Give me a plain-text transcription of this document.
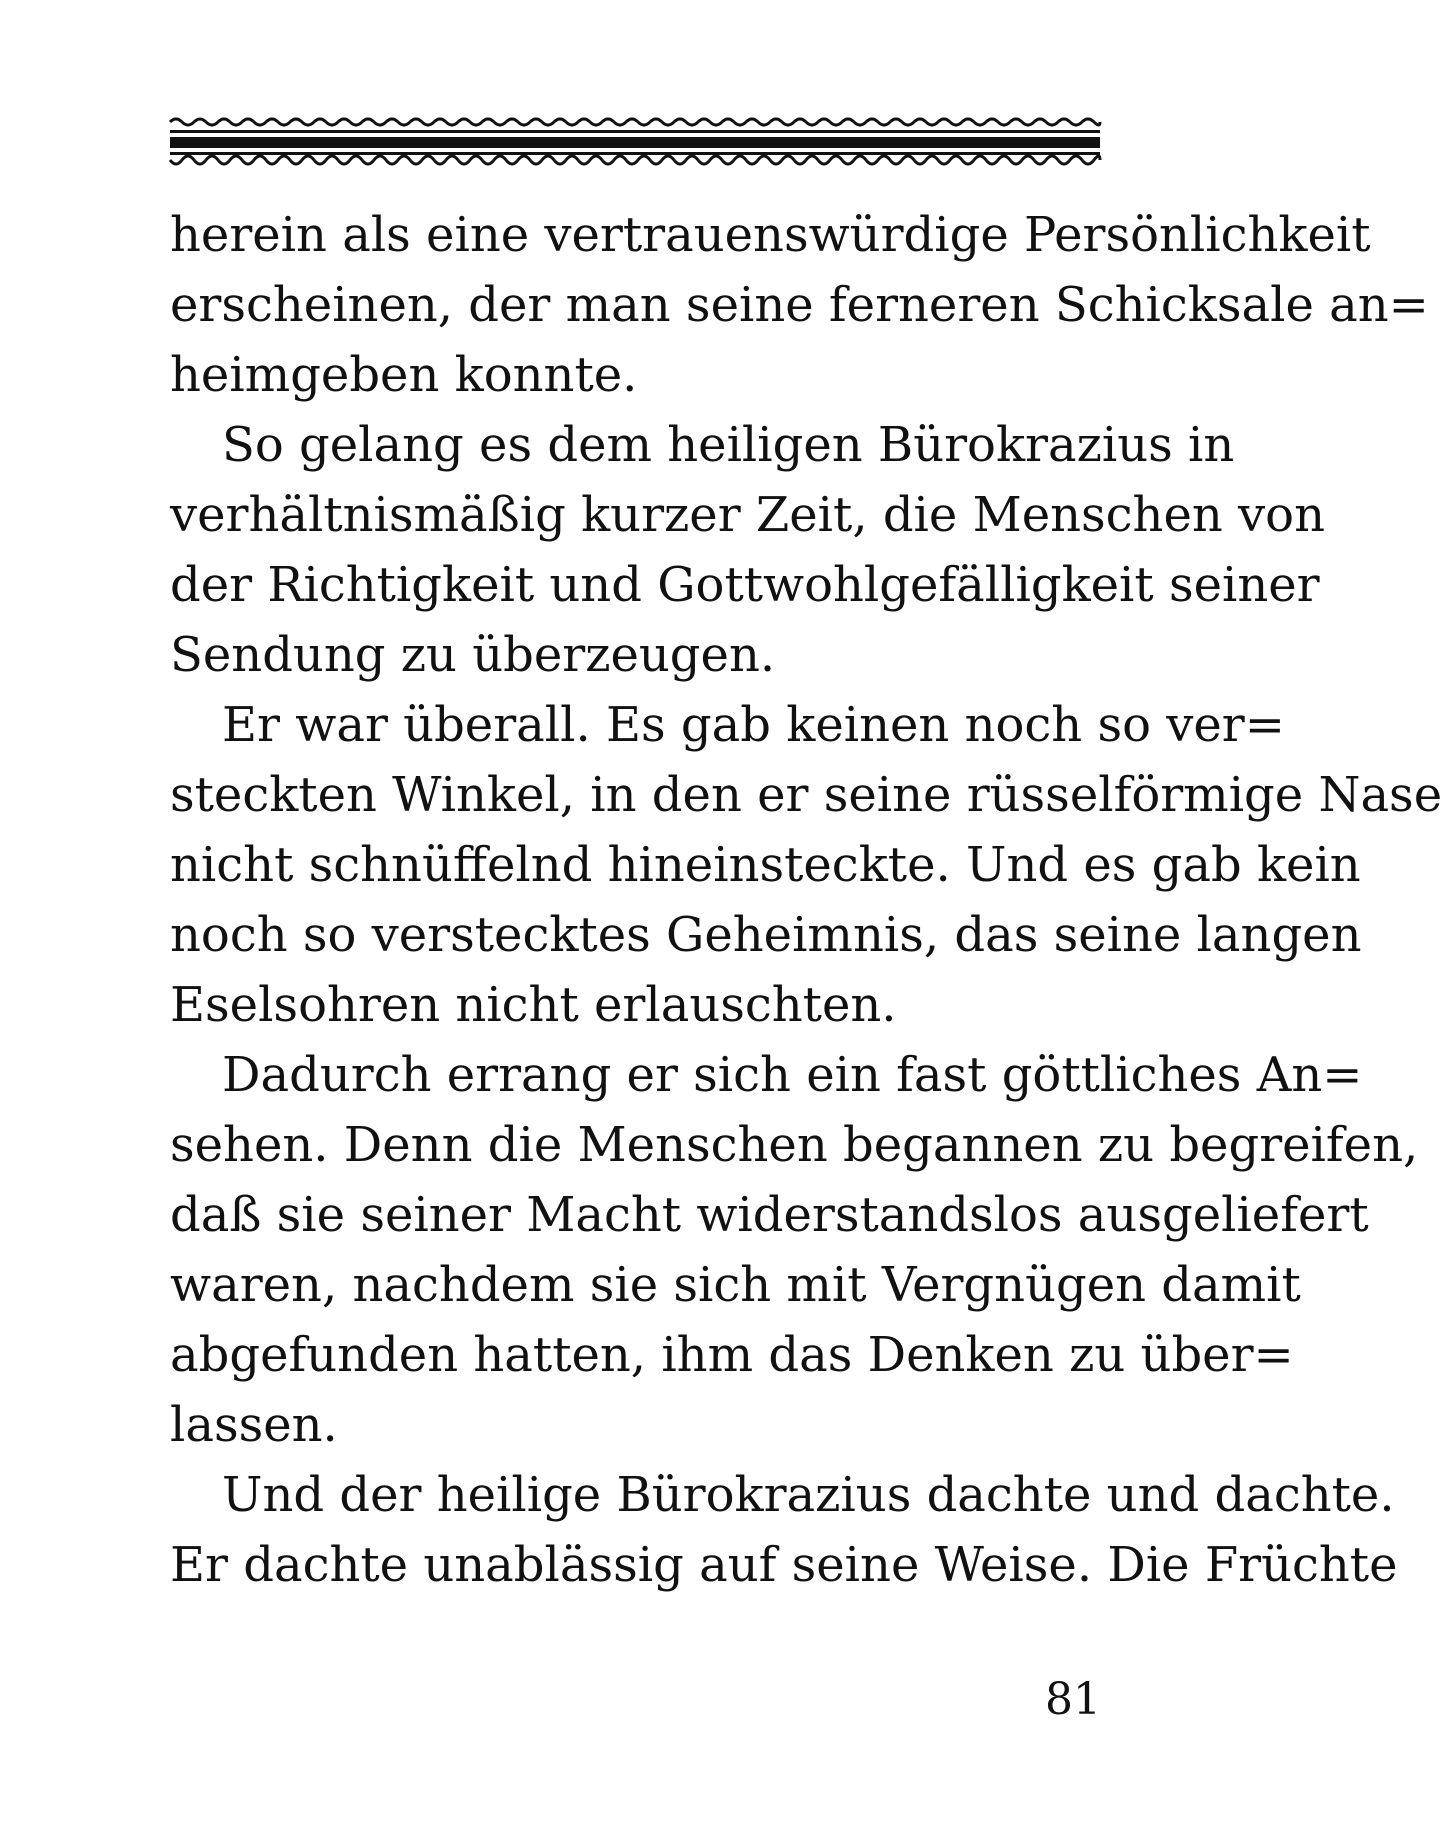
herein als eine vertrauenswürdige Persönlichkeit
erscheinen, der man seine ferneren Schicksale an=
heimgeben konnte.

So gelang es dem heiligen Bürokrazius in
verhältnismäßig kurzer Zeit, die Menschen von
der Richtigkeit und Gottwohlgefälligkeit seiner
Sendung zu überzeugen.

Er war überall. Es gab keinen noch so ver=
steckten Winkel, in den er seine rüsselförmige Nase
nicht schnüffelnd hineinsteckte. Und es gab kein
noch so verstecktes Geheimnis, das seine langen
Eselsohren nicht erlauschten.

Dadurch errang er sich ein fast göttliches An=
sehen. Denn die Menschen begannen zu begreifen,
daß sie seiner Macht widerstandslos ausgeliefert
waren, nachdem sie sich mit Vergnügen damit
abgefunden hatten, ihm das Denken zu über=
lassen.

Und der heilige Bürokrazius dachte und dachte.
Er dachte unablässig auf seine Weise. Die Früchte

81
